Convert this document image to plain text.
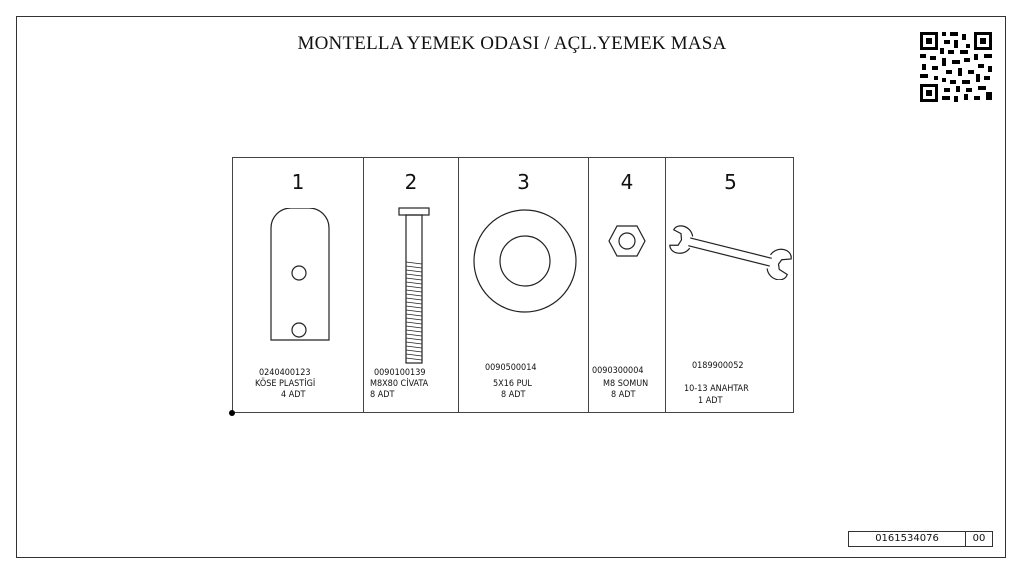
MONTELLA YEMEK ODASI / AÇL.YEMEK MASA
1
0240400123
KÖSE PLASTİGİ
4 ADT
2
0090100139
M8X80 CİVATA
8 ADT
3
0090500014
5X16 PUL
8 ADT
4
0090300004
M8 SOMUN
8 ADT
5
0189900052
10-13 ANAHTAR
1 ADT
0161534076	00
